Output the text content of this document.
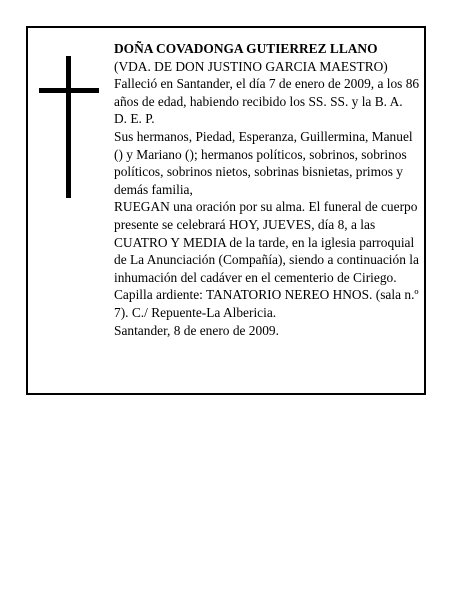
DOÑA COVADONGA GUTIERREZ LLANO

(VDA. DE DON JUSTINO GARCIA MAESTRO)

Falleció en Santander, el día 7 de enero de 2009, a los 86 años de edad, habiendo recibido los SS. SS. y la B. A.

D. E. P.

Sus hermanos, Piedad, Esperanza, Guillermina, Manuel () y Mariano (); hermanos políticos, sobrinos, sobrinos políticos, sobrinos nietos, sobrinas bisnietas, primos y demás familia,

RUEGAN una oración por su alma. El funeral de cuerpo presente se celebrará HOY, JUEVES, día 8, a las CUATRO Y MEDIA de la tarde, en la iglesia parroquial de La Anunciación (Compañía), siendo a continuación la inhumación del cadáver en el cementerio de Ciriego. Capilla ardiente: TANATORIO NEREO HNOS. (sala n.º 7). C./ Repuente-La Albericia.

Santander, 8 de enero de 2009.
